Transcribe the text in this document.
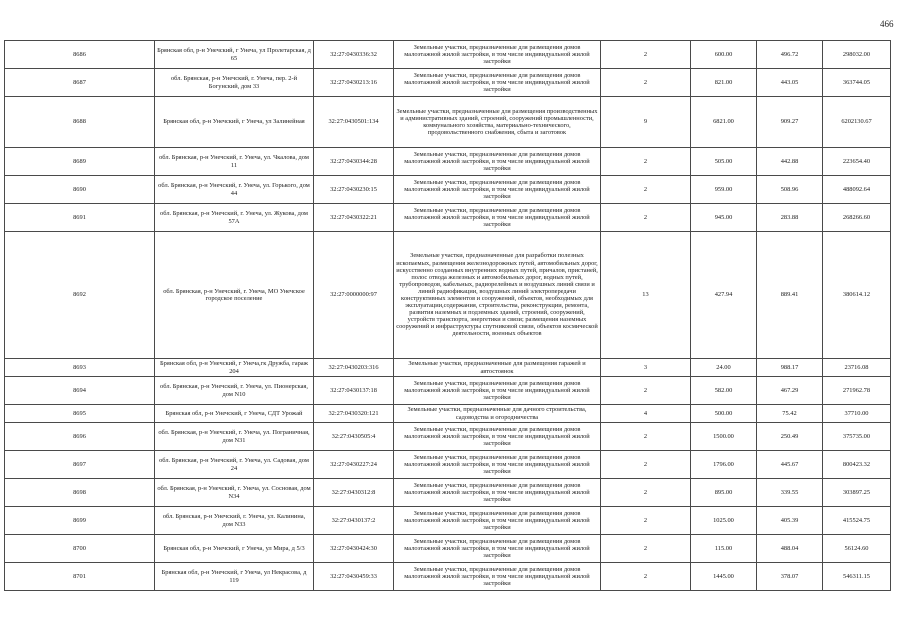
466
8686	Брянская обл, р-н Унечский, г Унеча, ул Пролетарская, д 65	32:27:0430336:32	Земельные участки, предназначенные для размещения домов малоэтажной жилой застройки, в том числе индивидуальной жилой застройки	2	600.00	496.72	298032.00
8687	обл. Брянская, р-н Унечский, г. Унеча, пер. 2-й Богунский, дом 33	32:27:0430213:16	Земельные участки, предназначенные для размещения домов малоэтажной жилой застройки, в том числе индивидуальной жилой застройки	2	821.00	443.05	363744.05
8688	Брянская обл, р-н Унечский, г Унеча, ул Залинейная	32:27:0430501:134	Земельные участки, предназначенные для размещения производственных и административных зданий, строений, сооружений промышленности, коммунального хозяйства, материально-технического, продовольственного снабжения, сбыта и заготовок	9	6821.00	909.27	6202130.67
8689	обл. Брянская, р-н Унечский, г. Унеча, ул. Чкалова, дом 11	32:27:0430344:28	Земельные участки, предназначенные для размещения домов малоэтажной жилой застройки, в том числе индивидуальной жилой застройки	2	505.00	442.88	223654.40
8690	обл. Брянская, р-н Унечский, г. Унеча, ул. Горького, дом 44	32:27:0430230:15	Земельные участки, предназначенные для размещения домов малоэтажной жилой застройки, в том числе индивидуальной жилой застройки	2	959.00	508.96	488092.64
8691	обл. Брянская, р-н Унечский, г. Унеча, ул. Жукова, дом 57А	32:27:0430322:21	Земельные участки, предназначенные для размещения домов малоэтажной жилой застройки, в том числе индивидуальной жилой застройки	2	945.00	283.88	268266.60
8692	обл. Брянская, р-н Унечский, г. Унеча, МО Унечское городское поселение	32:27:0000000:97	Земельные участки, предназначенные для разработки полезных ископаемых, размещения железнодорожных путей, автомобильных дорог, искусственно созданных внутренних водных путей, причалов, пристаней, полос отвода железных и автомобильных дорог, водных путей, трубопроводов, кабельных, радиорелейных и воздушных линий связи и линий радиофикации, воздушных линий электропередачи конструктивных элементов и сооружений, объектов, необходимых для эксплуатации,содержания, строительства, реконструкции, ремонта, развития наземных и подземных зданий, строений, сооружений, устройств транспорта, энергетики и связи; размещения наземных сооружений и инфраструктуры спутниковой связи, объектов космической деятельности, военных объектов	13	427.94	889.41	380614.12
8693	Брянская обл, р-н Унечский, г Унеча,гк Дружба, гараж 204	32:27:0430203:316	Земельные участки, предназначенные для размещения гаражей и автостоянок	3	24.00	988.17	23716.08
8694	обл. Брянская, р-н Унечский, г. Унеча, ул. Пионерская, дом N10	32:27:0430137:18	Земельные участки, предназначенные для размещения домов малоэтажной жилой застройки, в том числе индивидуальной жилой застройки	2	582.00	467.29	271962.78
8695	Брянская обл, р-н Унечский, г Унеча, СДТ Урожай	32:27:0430320:121	Земельные участки, предназначенные для дачного строительства, садоводства и огородничества	4	500.00	75.42	37710.00
8696	обл. Брянская, р-н Унечский, г. Унеча, ул. Пограничная, дом N31	32:27:0430505:4	Земельные участки, предназначенные для размещения домов малоэтажной жилой застройки, в том числе индивидуальной жилой застройки	2	1500.00	250.49	375735.00
8697	обл. Брянская, р-н Унечский, г. Унеча, ул. Садовая, дом 24	32:27:0430227:24	Земельные участки, предназначенные для размещения домов малоэтажной жилой застройки, в том числе индивидуальной жилой застройки	2	1796.00	445.67	800423.32
8698	обл. Брянская, р-н Унечский, г. Унеча, ул. Сосновая, дом N34	32:27:0430312:8	Земельные участки, предназначенные для размещения домов малоэтажной жилой застройки, в том числе индивидуальной жилой застройки	2	895.00	339.55	303897.25
8699	обл. Брянская, р-н Унечский, г. Унеча, ул. Калинина, дом N33	32:27:0430137:2	Земельные участки, предназначенные для размещения домов малоэтажной жилой застройки, в том числе индивидуальной жилой застройки	2	1025.00	405.39	415524.75
8700	Брянская обл, р-н Унечский, г Унеча, ул Мира, д 5/3	32:27:0430424:30	Земельные участки, предназначенные для размещения домов малоэтажной жилой застройки, в том числе индивидуальной жилой застройки	2	115.00	488.04	56124.60
8701	Брянская обл, р-н Унечский, г Унеча, ул Некрасова, д 119	32:27:0430459:33	Земельные участки, предназначенные для размещения домов малоэтажной жилой застройки, в том числе индивидуальной жилой застройки	2	1445.00	378.07	546311.15
